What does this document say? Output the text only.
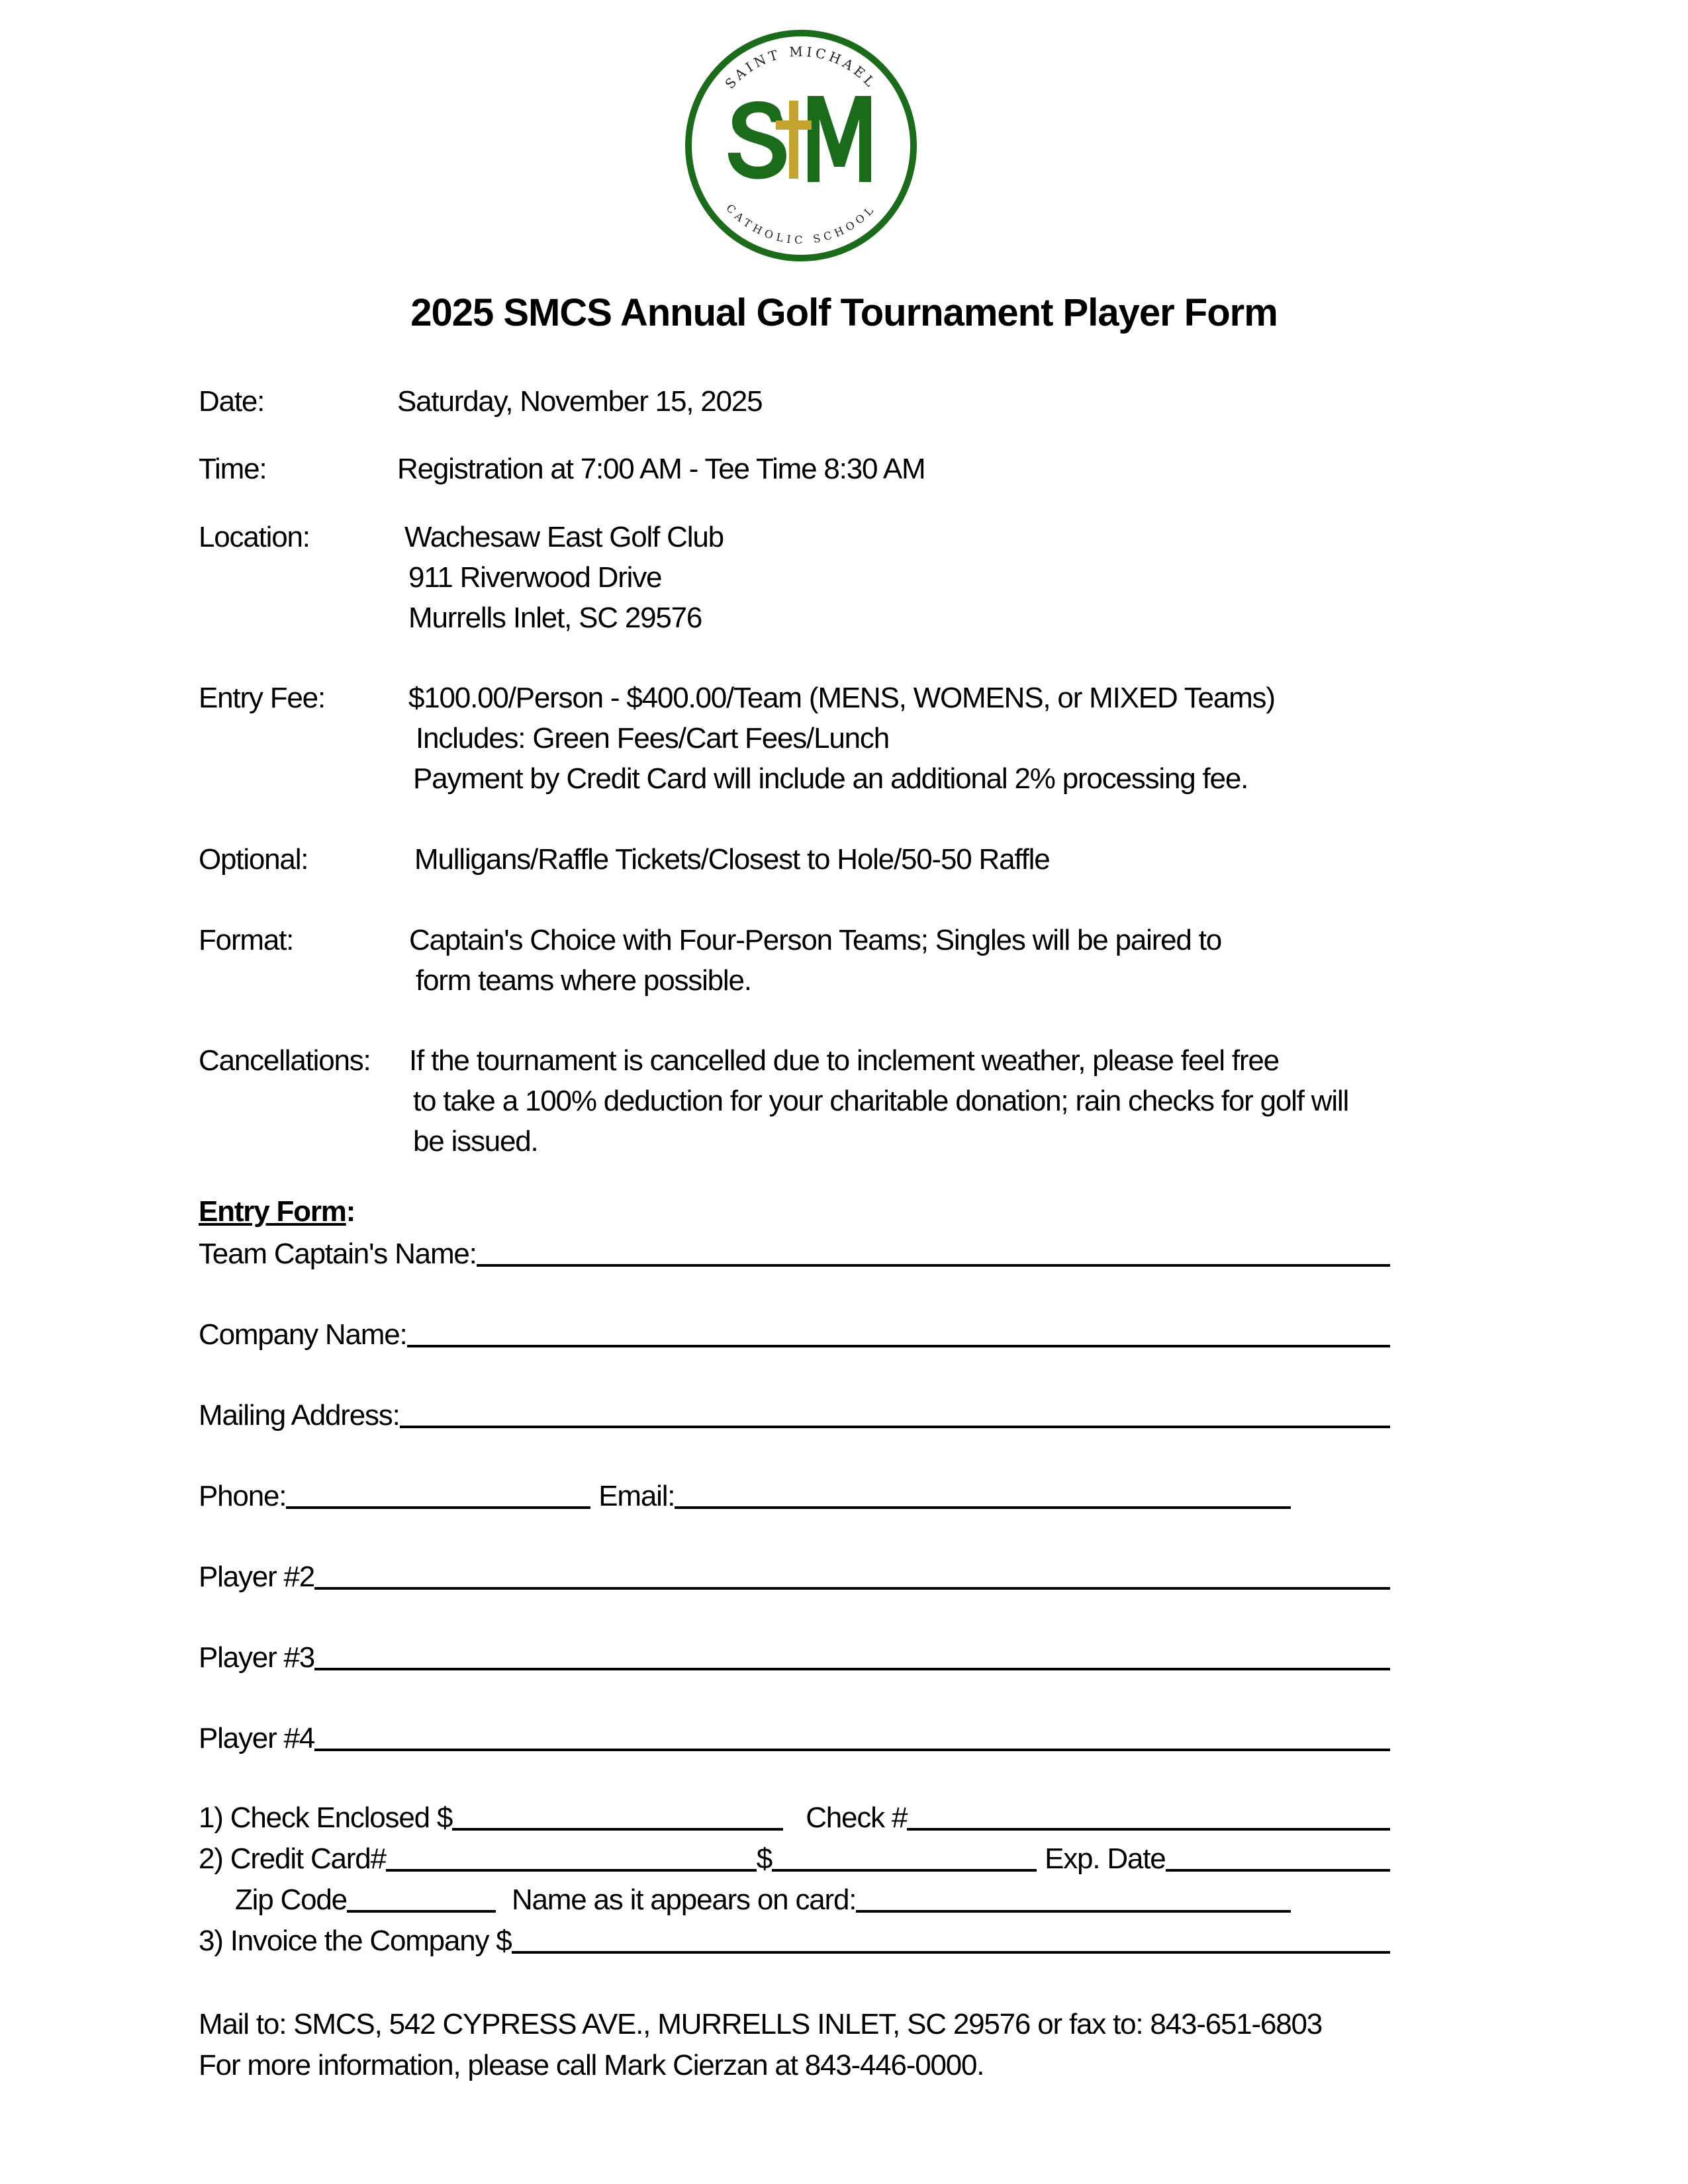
SAINT MICHAEL
CATHOLIC SCHOOL
2025 SMCS Annual Golf Tournament Player Form
Date:	Saturday, November 15, 2025
Time:	Registration at 7:00 AM - Tee Time 8:30 AM
Location:	Wachesaw East Golf Club
911 Riverwood Drive
Murrells Inlet, SC 29576
Entry Fee:	$100.00/Person - $400.00/Team (MENS, WOMENS, or MIXED Teams)
Includes: Green Fees/Cart Fees/Lunch
Payment by Credit Card will include an additional 2% processing fee.
Optional:	Mulligans/Raffle Tickets/Closest to Hole/50-50 Raffle
Format:	Captain's Choice with Four-Person Teams; Singles will be paired to
form teams where possible.
Cancellations: If the tournament is cancelled due to inclement weather, please feel free
to take a 100% deduction for your charitable donation; rain checks for golf will
be issued.
Entry Form:
Team Captain's Name:
Company Name:
Mailing Address:
Phone:	Email:
Player #2
Player #3
Player #4
1) Check Enclosed $	Check #
2) Credit Card#	$	Exp. Date
Zip Code	Name as it appears on card:
3) Invoice the Company $
Mail to: SMCS, 542 CYPRESS AVE., MURRELLS INLET, SC 29576 or fax to: 843-651-6803
For more information, please call Mark Cierzan at 843-446-0000.
